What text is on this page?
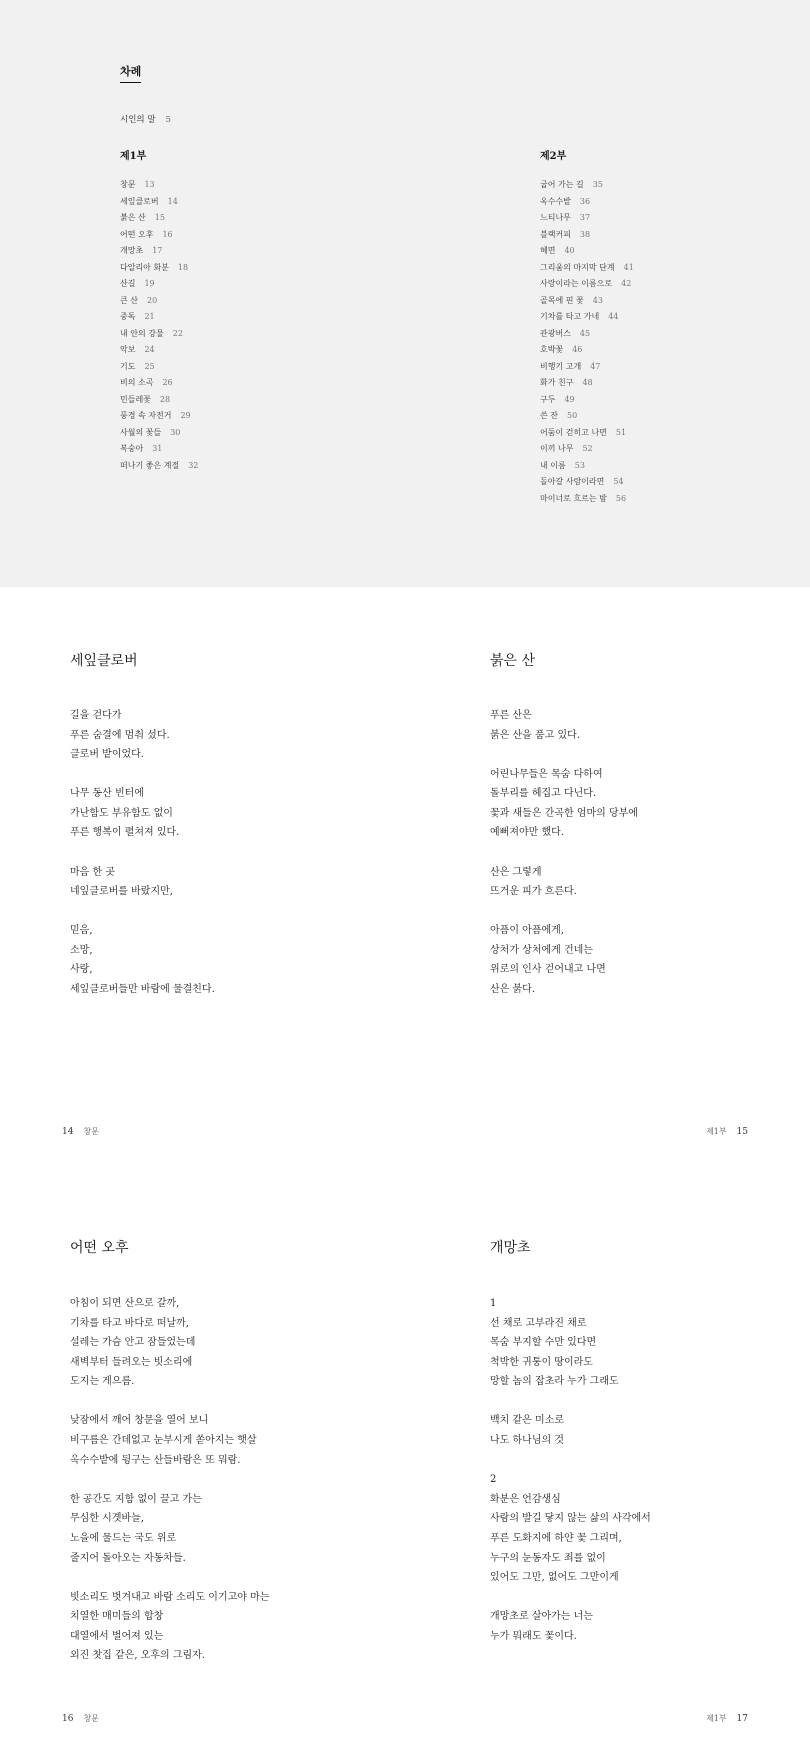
차례
시인의 말 5
제1부
창문 13
세잎클로버 14
붉은 산 15
어떤 오후 16
개망초 17
다알리아 화분 18
산길 19
큰 산 20
중독 21
내 안의 강물 22
악보 24
기도 25
비의 소곡 26
민들레꽃 28
풍경 속 자전거 29
사월의 꽃들 30
복숭아 31
떠나기 좋은 계절 32
제2부
굽어 가는 길 35
옥수수밭 36
느티나무 37
블랙커피 38
혜면 40
그리움의 마지막 단계 41
사랑이라는 이름으로 42
골목에 핀 꽃 43
기차를 타고 가네 44
관광버스 45
호박꽃 46
비행기 고개 47
화가 친구 48
구두 49
쓴 잔 50
어둠이 걷히고 나면 51
이끼 나무 52
내 이름 53
돌아갈 사람이라면 54
마이너로 흐르는 밤 56
세잎클로버
길을 걷다가
푸른 숨결에 멈춰 섰다.
클로버 밭이었다.
나무 동산 빈터에
가난함도 부유함도 없이
푸른 행복이 펼쳐져 있다.
마음 한 곳
네잎클로버를 바랐지만,
믿음,
소망,
사랑,
세잎클로버들만 바람에 물결친다.
14 창문
붉은 산
푸른 산은
붉은 산을 품고 있다.
어린나무들은 목숨 다하여
돌부리를 헤집고 다닌다.
꽃과 새들은 간곡한 엄마의 당부에
예뻐져야만 했다.
산은 그렇게
뜨거운 피가 흐른다.
아픔이 아픔에게,
상처가 상처에게 건네는
위로의 인사 걷어내고 나면
산은 붉다.
제1부 15
어떤 오후
아침이 되면 산으로 갈까,
기차를 타고 바다로 떠날까,
설레는 가슴 안고 잠들었는데
새벽부터 들려오는 빗소리에
도지는 게으름.
낮잠에서 깨어 창문을 열어 보니
비구름은 간데없고 눈부시게 쏟아지는 햇살
옥수수밭에 뒹구는 산들바람은 또 뭐람.
한 공간도 지함 없이 끌고 가는
무심한 시곗바늘,
노을에 물드는 국도 위로
줄지어 돌아오는 자동차들.
빗소리도 벗겨내고 바람 소리도 이기고야 마는
치열한 매미들의 합창
대열에서 벌어져 있는
외진 찻집 같은, 오후의 그림자.
16 창문
개망초
1
선 채로 고부라진 채로
목숨 부지할 수만 있다면
척박한 귀퉁이 땅이라도
망할 놈의 잡초라 누가 그래도
백치 같은 미소로
나도 하나님의 것
2
화분은 언감생심
사람의 발길 닿지 않는 삶의 사각에서
푸른 도화지에 하얀 꽃 그리며,
누구의 눈동자도 죄를 없이
있어도 그만, 없어도 그만이게
개망초로 살아가는 너는
누가 뭐래도 꽃이다.
제1부 17
